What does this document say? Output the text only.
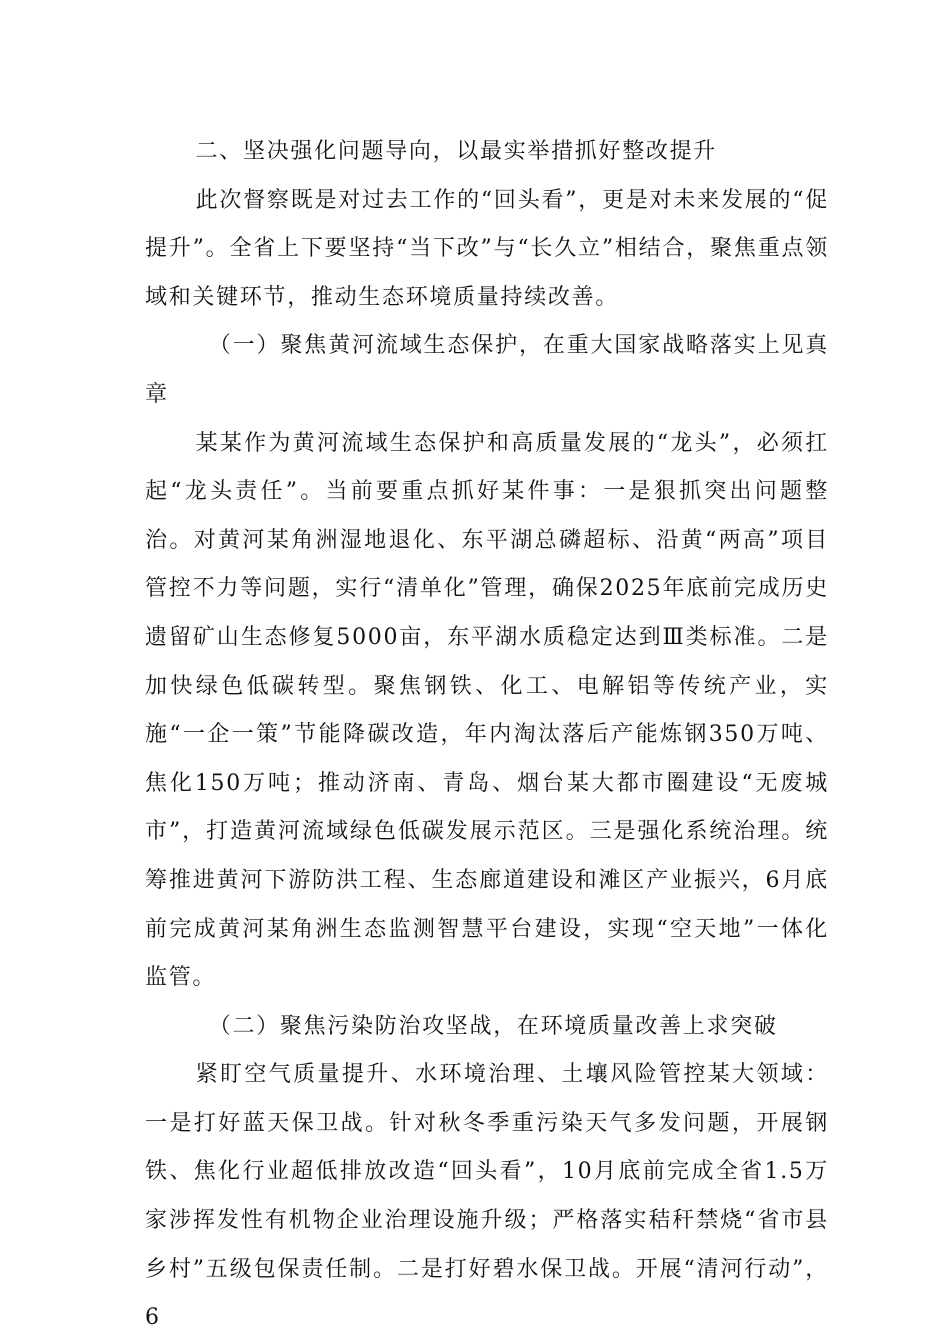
二、坚决强化问题导向，以最实举措抓好整改提升

此次督察既是对过去工作的“回头看”，更是对未来发展的“促提升”。全省上下要坚持“当下改”与“长久立”相结合，聚焦重点领域和关键环节，推动生态环境质量持续改善。

（一）聚焦黄河流域生态保护，在重大国家战略落实上见真章

某某作为黄河流域生态保护和高质量发展的“龙头”，必须扛起“龙头责任”。当前要重点抓好某件事：一是狠抓突出问题整治。对黄河某角洲湿地退化、东平湖总磷超标、沿黄“两高”项目管控不力等问题，实行“清单化”管理，确保2025年底前完成历史遗留矿山生态修复5000亩，东平湖水质稳定达到Ⅲ类标准。二是加快绿色低碳转型。聚焦钢铁、化工、电解铝等传统产业，实施“一企一策”节能降碳改造，年内淘汰落后产能炼钢350万吨、焦化150万吨；推动济南、青岛、烟台某大都市圈建设“无废城市”，打造黄河流域绿色低碳发展示范区。三是强化系统治理。统筹推进黄河下游防洪工程、生态廊道建设和滩区产业振兴，6月底前完成黄河某角洲生态监测智慧平台建设，实现“空天地”一体化监管。

（二）聚焦污染防治攻坚战，在环境质量改善上求突破

紧盯空气质量提升、水环境治理、土壤风险管控某大领域：一是打好蓝天保卫战。针对秋冬季重污染天气多发问题，开展钢铁、焦化行业超低排放改造“回头看”，10月底前完成全省1.5万家涉挥发性有机物企业治理设施升级；严格落实秸秆禁烧“省市县乡村”五级包保责任制。二是打好碧水保卫战。开展“清河行动”，6
